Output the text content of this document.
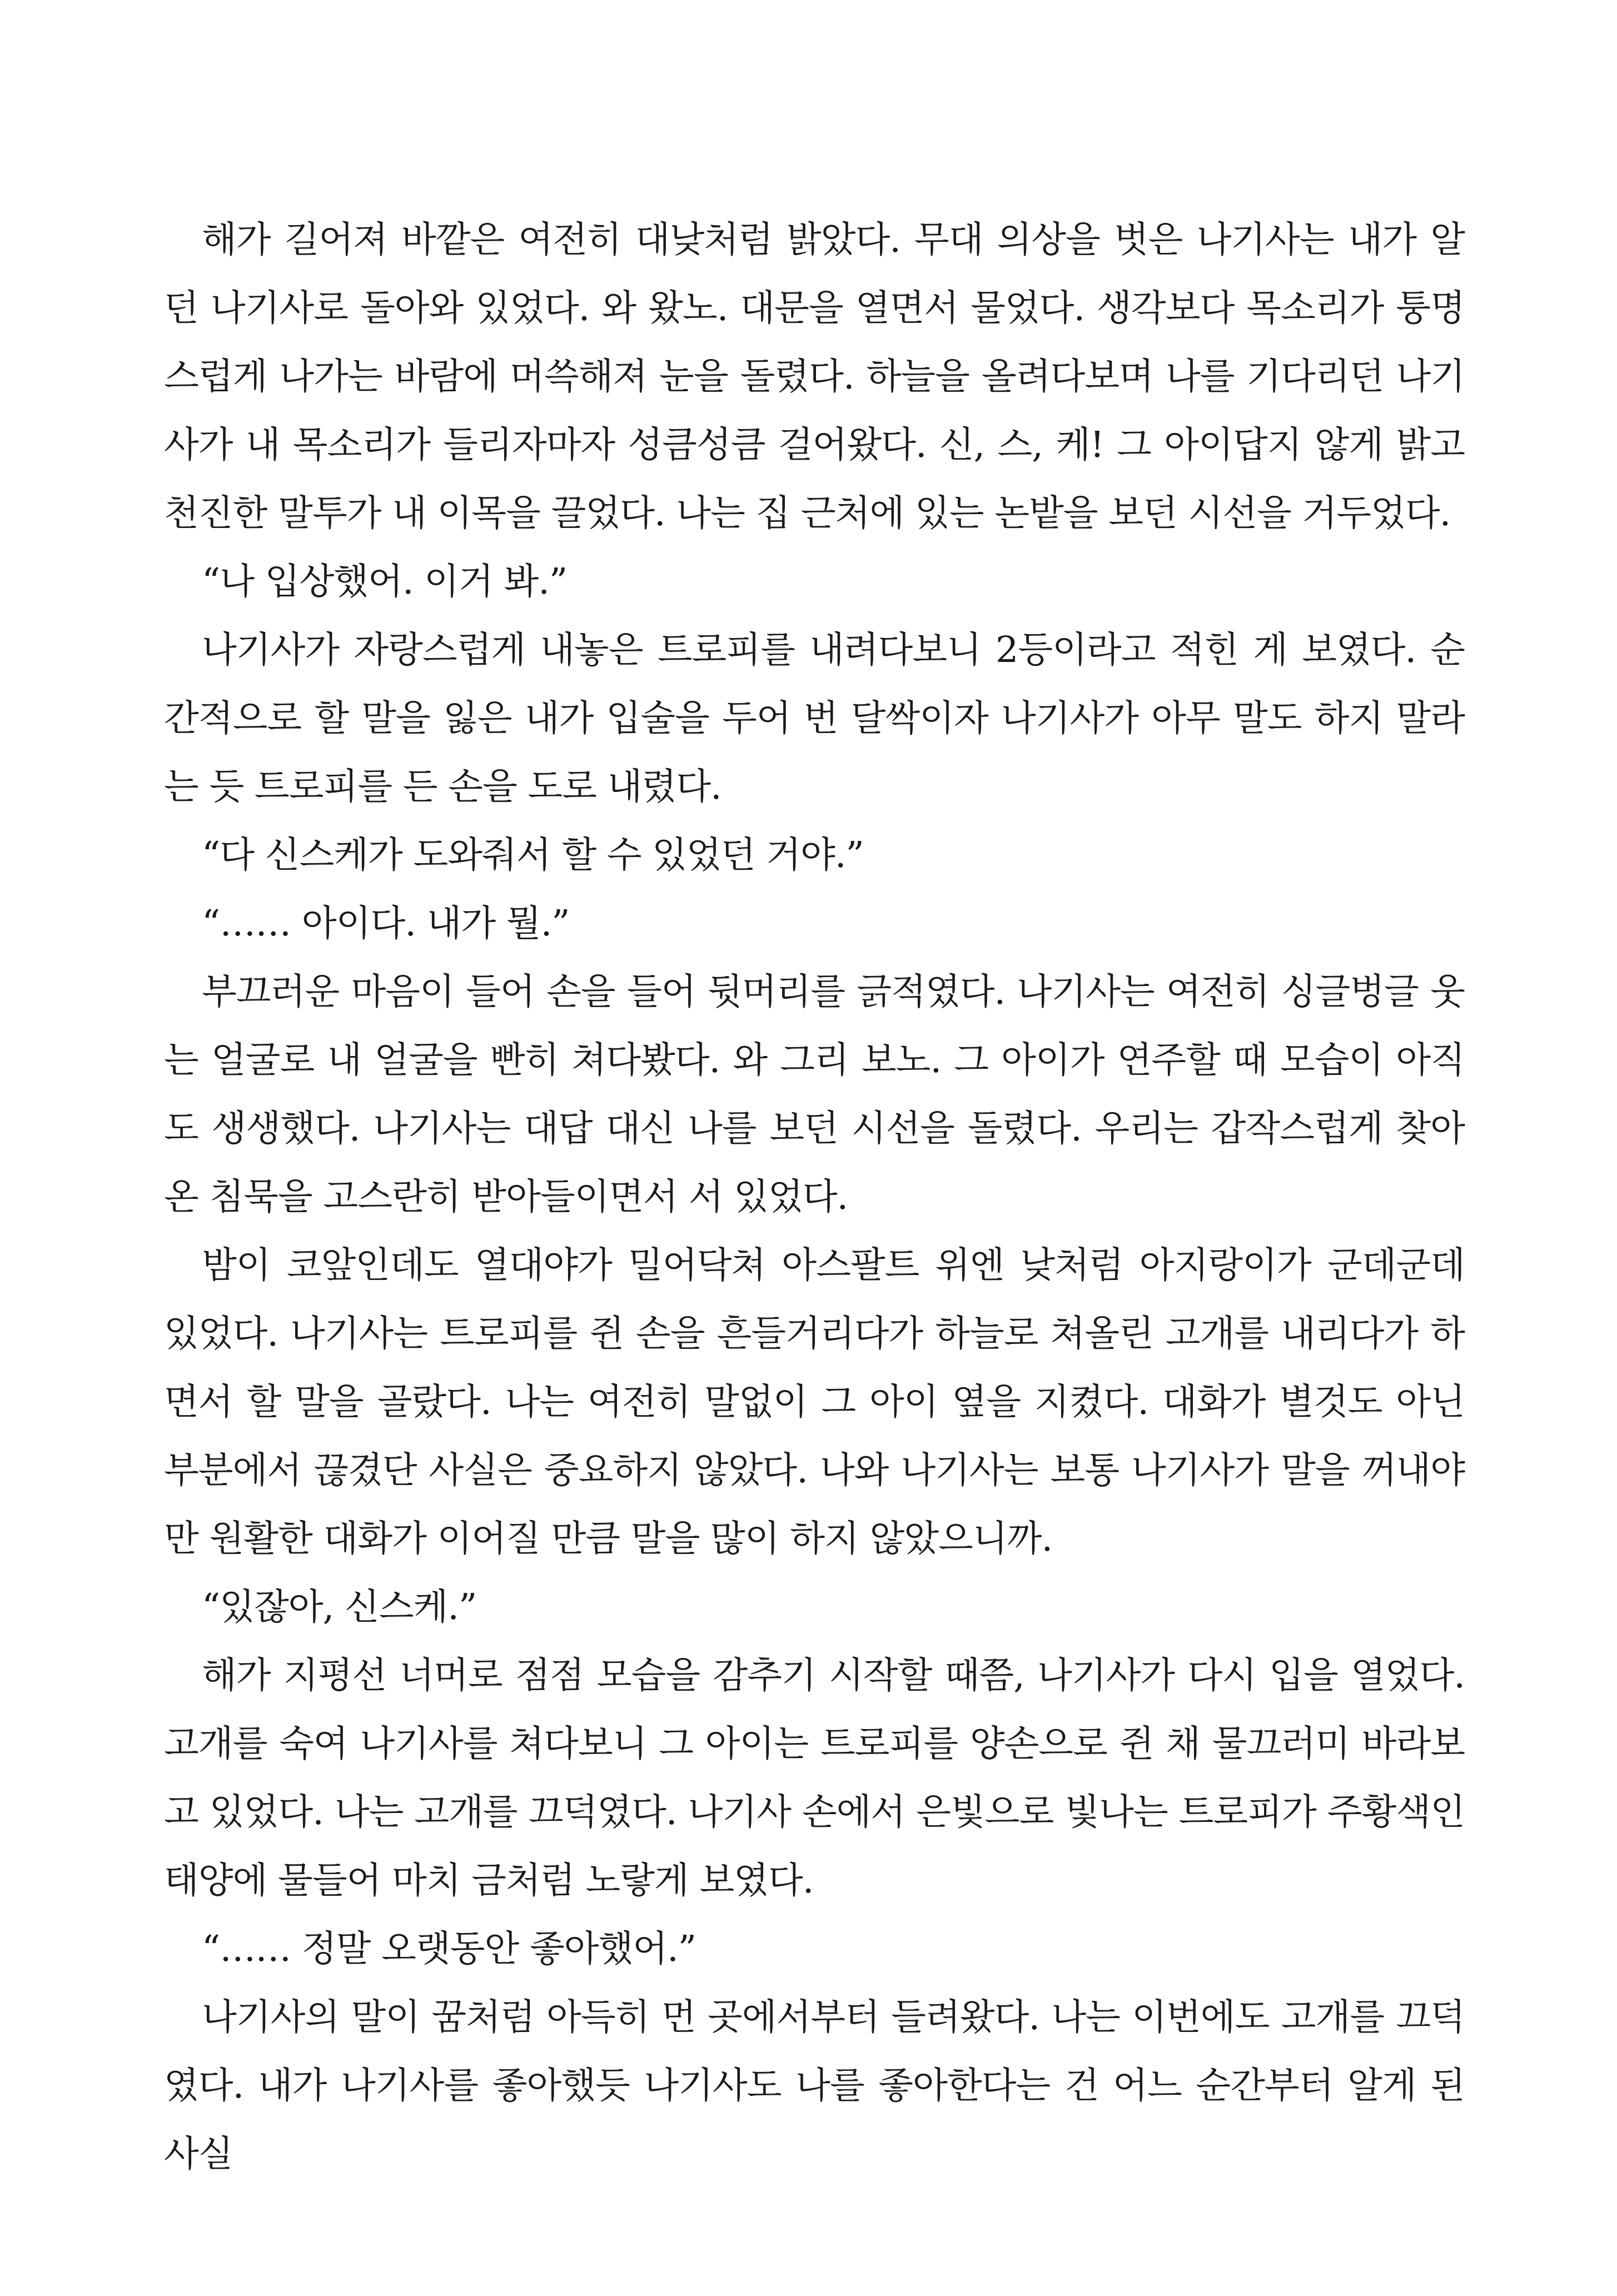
해가 길어져 바깥은 여전히 대낮처럼 밝았다. 무대 의상을 벗은 나기사는 내가 알던 나기사로 돌아와 있었다. 와 왔노. 대문을 열면서 물었다. 생각보다 목소리가 퉁명스럽게 나가는 바람에 머쓱해져 눈을 돌렸다. 하늘을 올려다보며 나를 기다리던 나기사가 내 목소리가 들리자마자 성큼성큼 걸어왔다. 신, 스, 케! 그 아이답지 않게 밝고 천진한 말투가 내 이목을 끌었다. 나는 집 근처에 있는 논밭을 보던 시선을 거두었다.

“나 입상했어. 이거 봐.”

나기사가 자랑스럽게 내놓은 트로피를 내려다보니 2등이라고 적힌 게 보였다. 순간적으로 할 말을 잃은 내가 입술을 두어 번 달싹이자 나기사가 아무 말도 하지 말라는 듯 트로피를 든 손을 도로 내렸다.

“다 신스케가 도와줘서 할 수 있었던 거야.”

“…… 아이다. 내가 뭘.”

부끄러운 마음이 들어 손을 들어 뒷머리를 긁적였다. 나기사는 여전히 싱글벙글 웃는 얼굴로 내 얼굴을 빤히 쳐다봤다. 와 그리 보노. 그 아이가 연주할 때 모습이 아직도 생생했다. 나기사는 대답 대신 나를 보던 시선을 돌렸다. 우리는 갑작스럽게 찾아온 침묵을 고스란히 받아들이면서 서 있었다.

밤이 코앞인데도 열대야가 밀어닥쳐 아스팔트 위엔 낮처럼 아지랑이가 군데군데 있었다. 나기사는 트로피를 쥔 손을 흔들거리다가 하늘로 쳐올린 고개를 내리다가 하면서 할 말을 골랐다. 나는 여전히 말없이 그 아이 옆을 지켰다. 대화가 별것도 아닌 부분에서 끊겼단 사실은 중요하지 않았다. 나와 나기사는 보통 나기사가 말을 꺼내야만 원활한 대화가 이어질 만큼 말을 많이 하지 않았으니까.

“있잖아, 신스케.”

해가 지평선 너머로 점점 모습을 감추기 시작할 때쯤, 나기사가 다시 입을 열었다. 고개를 숙여 나기사를 쳐다보니 그 아이는 트로피를 양손으로 쥔 채 물끄러미 바라보고 있었다. 나는 고개를 끄덕였다. 나기사 손에서 은빛으로 빛나는 트로피가 주황색인 태양에 물들어 마치 금처럼 노랗게 보였다.

“…… 정말 오랫동안 좋아했어.”

나기사의 말이 꿈처럼 아득히 먼 곳에서부터 들려왔다. 나는 이번에도 고개를 끄덕였다. 내가 나기사를 좋아했듯 나기사도 나를 좋아한다는 건 어느 순간부터 알게 된 사실
